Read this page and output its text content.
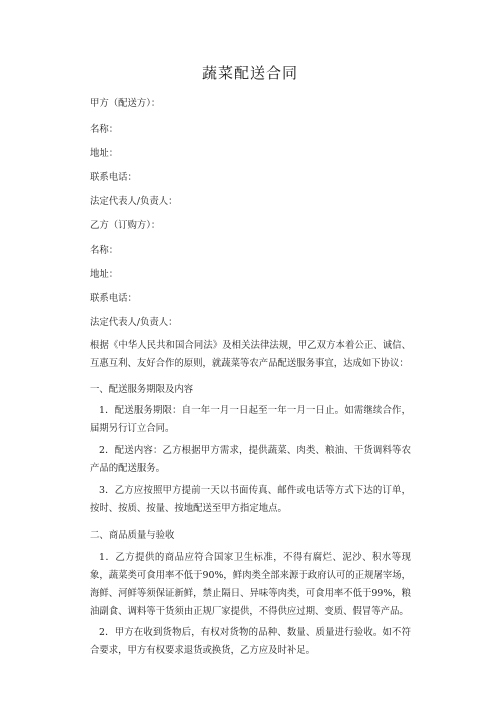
蔬菜配送合同
甲方（配送方）：
名称：
地址：
联系电话：
法定代表人/负责人：
乙方（订购方）：
名称：
地址：
联系电话：
法定代表人/负责人：
根据《中华人民共和国合同法》及相关法律法规，甲乙双方本着公正、诚信、互惠互利、友好合作的原则，就蔬菜等农产品配送服务事宜，达成如下协议：
一、配送服务期限及内容
1．配送服务期限：自一年一月一日起至一年一月一日止。如需继续合作，届期另行订立合同。
2．配送内容：乙方根据甲方需求，提供蔬菜、肉类、粮油、干货调料等农产品的配送服务。
3．乙方应按照甲方提前一天以书面传真、邮件或电话等方式下达的订单，按时、按质、按量、按地配送至甲方指定地点。
二、商品质量与验收
1．乙方提供的商品应符合国家卫生标准，不得有腐烂、泥沙、积水等现象，蔬菜类可食用率不低于90%，鲜肉类全部来源于政府认可的正规屠宰场，海鲜、河鲜等须保证新鲜，禁止隔日、异味等肉类，可食用率不低于99%，粮油副食、调料等干货须由正规厂家提供，不得供应过期、变质、假冒等产品。
2．甲方在收到货物后，有权对货物的品种、数量、质量进行验收。如不符合要求，甲方有权要求退货或换货，乙方应及时补足。
